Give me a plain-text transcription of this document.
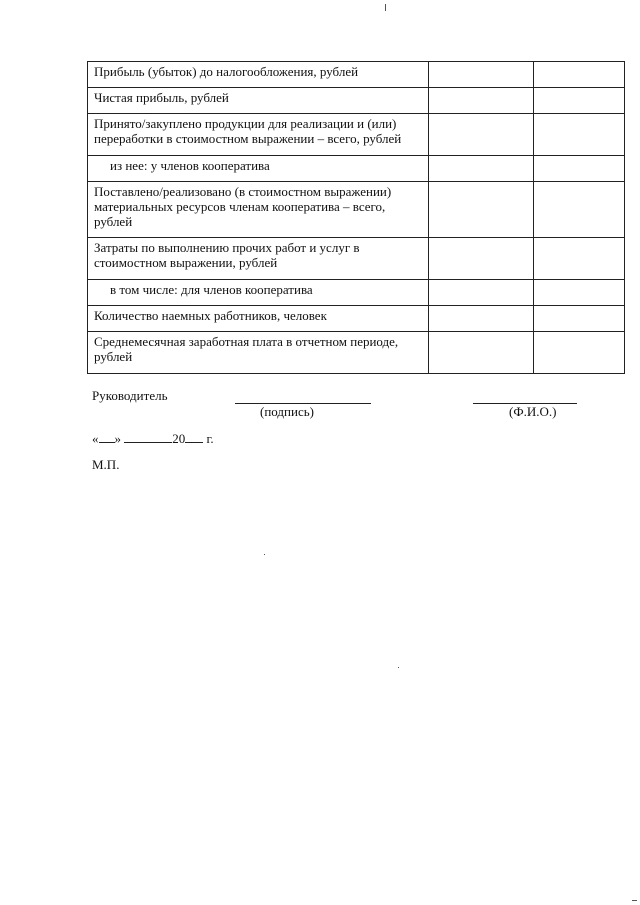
Прибыль (убыток) до налогообложения, рублей		
Чистая прибыль, рублей		
Принято/закуплено продукции для реализации и (или) переработки в стоимостном выражении – всего, рублей		
из нее: у членов кооператива		
Поставлено/реализовано (в стоимостном выражении) материальных ресурсов членам кооператива – всего, рублей		
Затраты по выполнению прочих работ и услуг в стоимостном выражении, рублей		
в том числе: для членов кооператива		
Количество наемных работников, человек		
Среднемесячная заработная плата в отчетном периоде, рублей		
Руководитель
(подпись)	(Ф.И.О.)
« »	20 г.
М.П.
